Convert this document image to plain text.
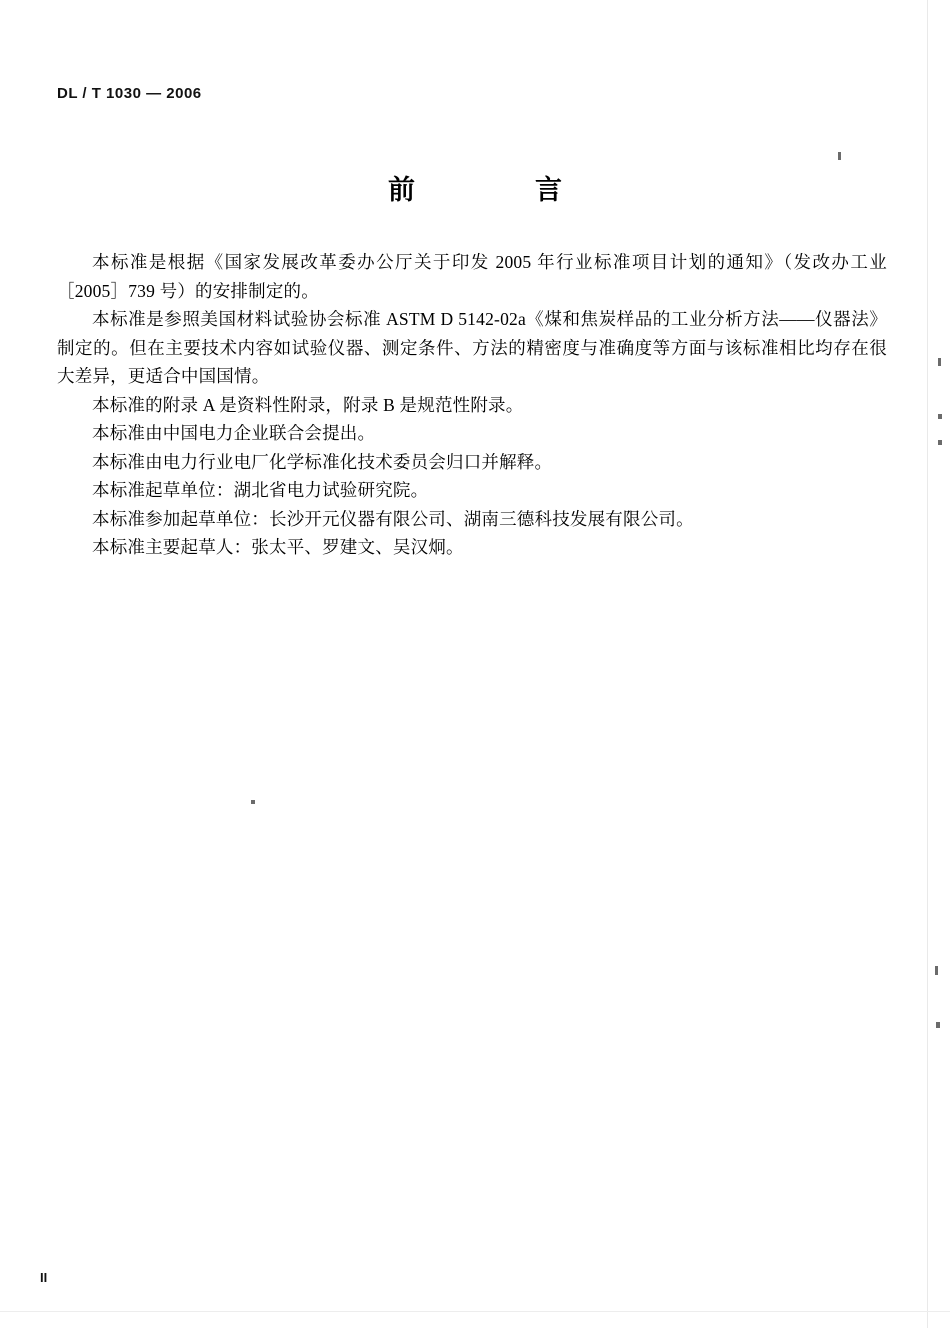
DL / T 1030 — 2006
前　　言

本标准是根据《国家发展改革委办公厅关于印发 2005 年行业标准项目计划的通知》（发改办工业［2005］739 号）的安排制定的。

本标准是参照美国材料试验协会标准 ASTM D 5142-02a《煤和焦炭样品的工业分析方法——仪器法》制定的。但在主要技术内容如试验仪器、测定条件、方法的精密度与准确度等方面与该标准相比均存在很大差异，更适合中国国情。

本标准的附录 A 是资料性附录，附录 B 是规范性附录。

本标准由中国电力企业联合会提出。

本标准由电力行业电厂化学标准化技术委员会归口并解释。

本标准起草单位：湖北省电力试验研究院。

本标准参加起草单位：长沙开元仪器有限公司、湖南三德科技发展有限公司。

本标准主要起草人：张太平、罗建文、吴汉炯。

II
